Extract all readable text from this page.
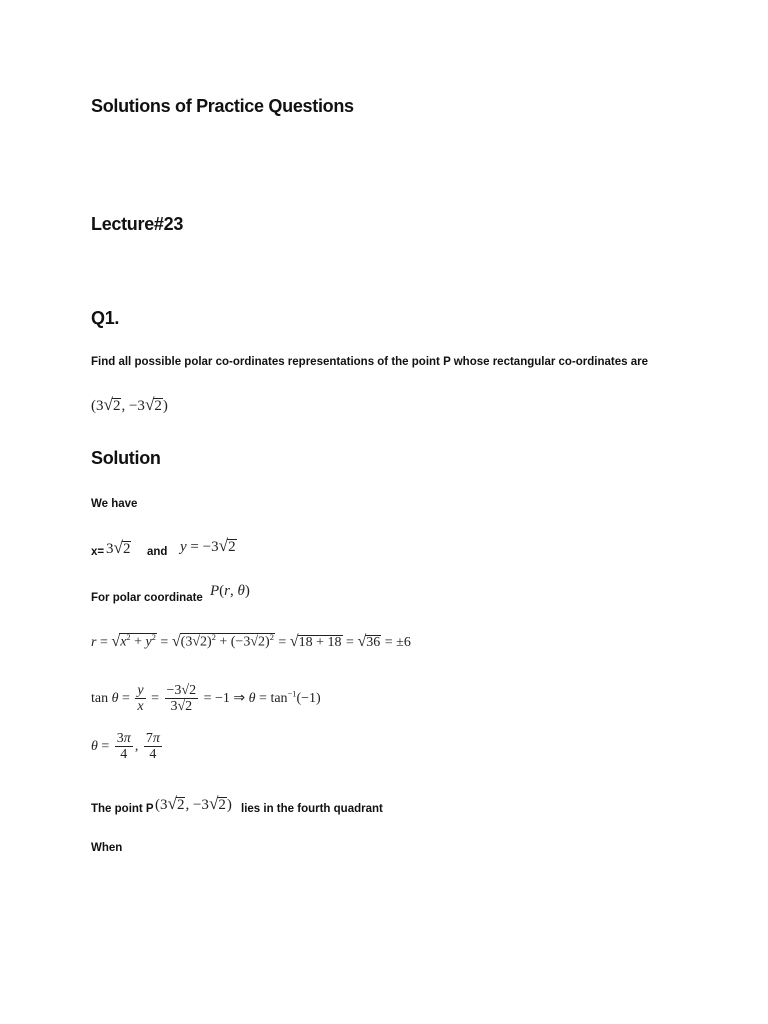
Solutions of Practice Questions
Lecture#23
Q1.
Find all possible polar co-ordinates representations of the point P whose rectangular co-ordinates are
(3√2, −3√2)
Solution
We have
x= 3√2 and y = −3√2
For polar coordinate P(r, θ)
$r = √x^2 + y^2 = √(3√2)^2 + (-3√2)^2 = √18 + 18 = √36 = \pm 6$
$\tan \theta = \frac{y}{x} = \frac{-3√2}{3√2} = -1$ ⇒ $\theta = \tan^{-1}(-1)$
$\theta = \frac{3\pi}{4}$ , $\frac{7\pi}{4}$
The point P (3√2, −3√2) lies in the fourth quadrant
When
